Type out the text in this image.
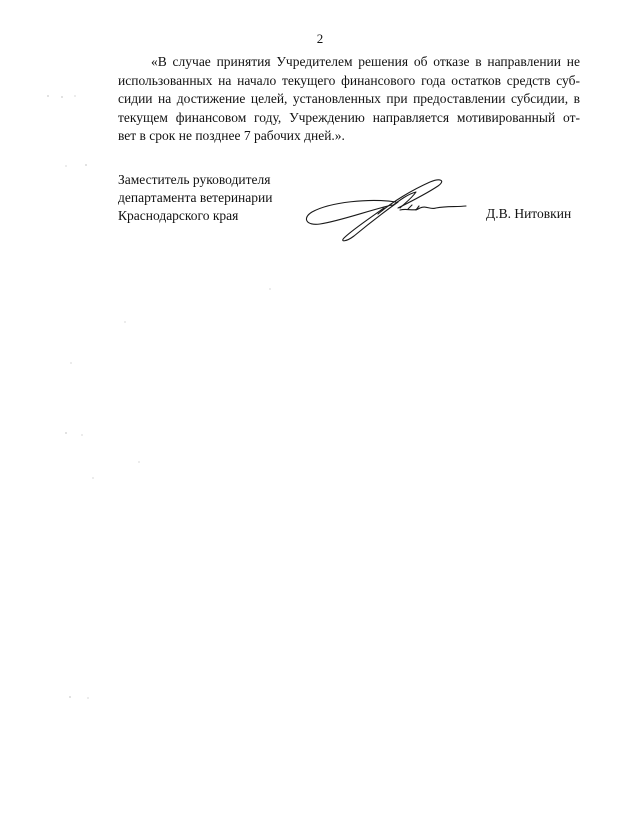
2
«В случае принятия Учредителем решения об отказе в направлении не
использованных на начало текущего финансового года остатков средств суб-
сидии на достижение целей, установленных при предоставлении субсидии, в
текущем финансовом году, Учреждению направляется мотивированный от-
вет в срок не позднее 7 рабочих дней.».
Заместитель руководителя
департамента ветеринарии
Краснодарского края	Д.В. Нитовкин
